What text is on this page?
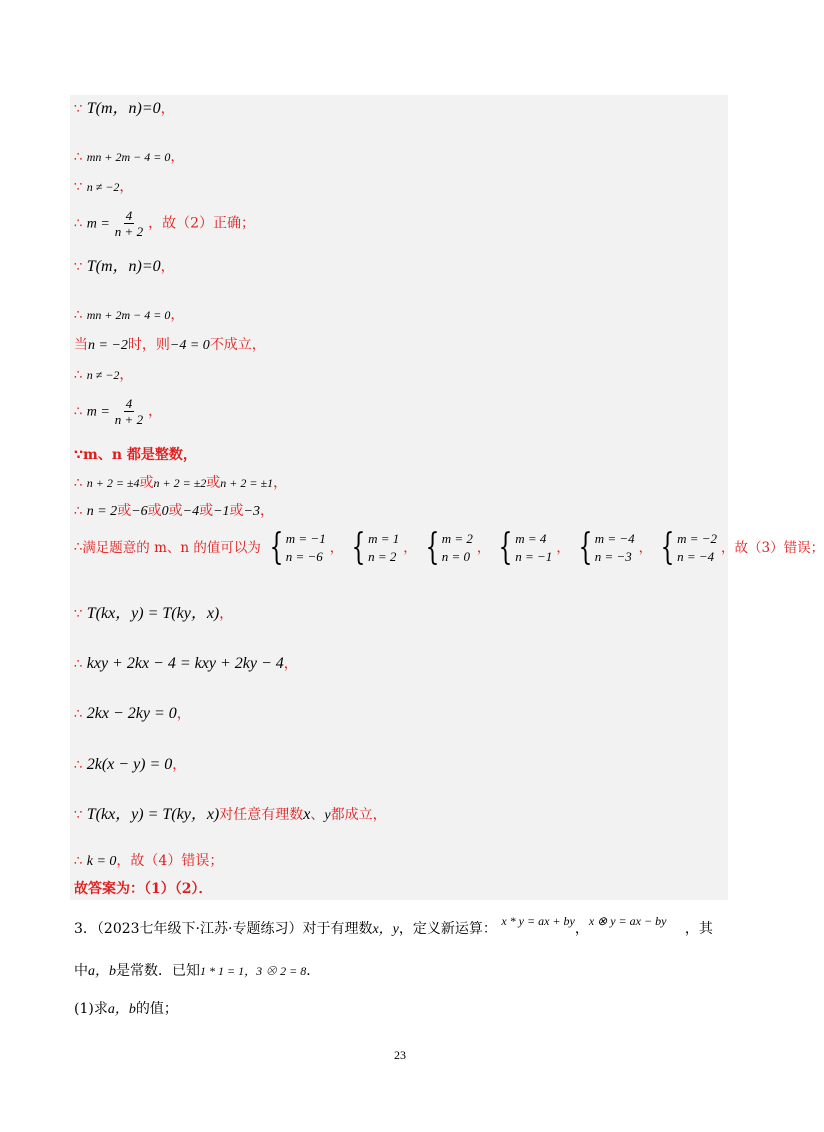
∵ T(m，n)=0，
∴ mn + 2m − 4 = 0，
∵ n ≠ −2，
∴ $m = \frac{4}{n + 2}$ ，故（2）正确；
∵ T(m，n)=0，
∴ mn + 2m − 4 = 0，
当n = −2时，则−4 = 0不成立，
∴ n ≠ −2，
∴ $m = \frac{4}{n + 2}$ ，
∵m、n 都是整数，
∴ n + 2 = ±4或n + 2 = ±2或n + 2 = ±1，
∴ n = 2或−6或0或−4或−1或−3，
∴ 满足题意的 m、n 的值可以为 { m = −1
n = −6
， { m = 1
n = 2
， { m = 2
n = 0
， { m = 4
n = −1
， { m = −4
n = −3
， { m = −2
n = −4
，故（3）错误；
∵ T(kx，y) = T(ky，x)，
∴ kxy + 2kx − 4 = kxy + 2ky − 4，
∴ 2kx − 2ky = 0，
∴ 2k(x − y) = 0，
∵ T(kx，y) = T(ky，x)对任意有理数x、y都成立，
∴ k = 0，故（4）错误；
故答案为：（1）（2）．
3．（2023七年级下·江苏·专题练习）对于有理数x，y，定义新运算： x * y = ax + by，x ⊗ y = ax − by ，其
中a，b是常数．已知1 * 1 = 1，3 ⊗ 2 = 8．
(1)求a，b的值；
23
